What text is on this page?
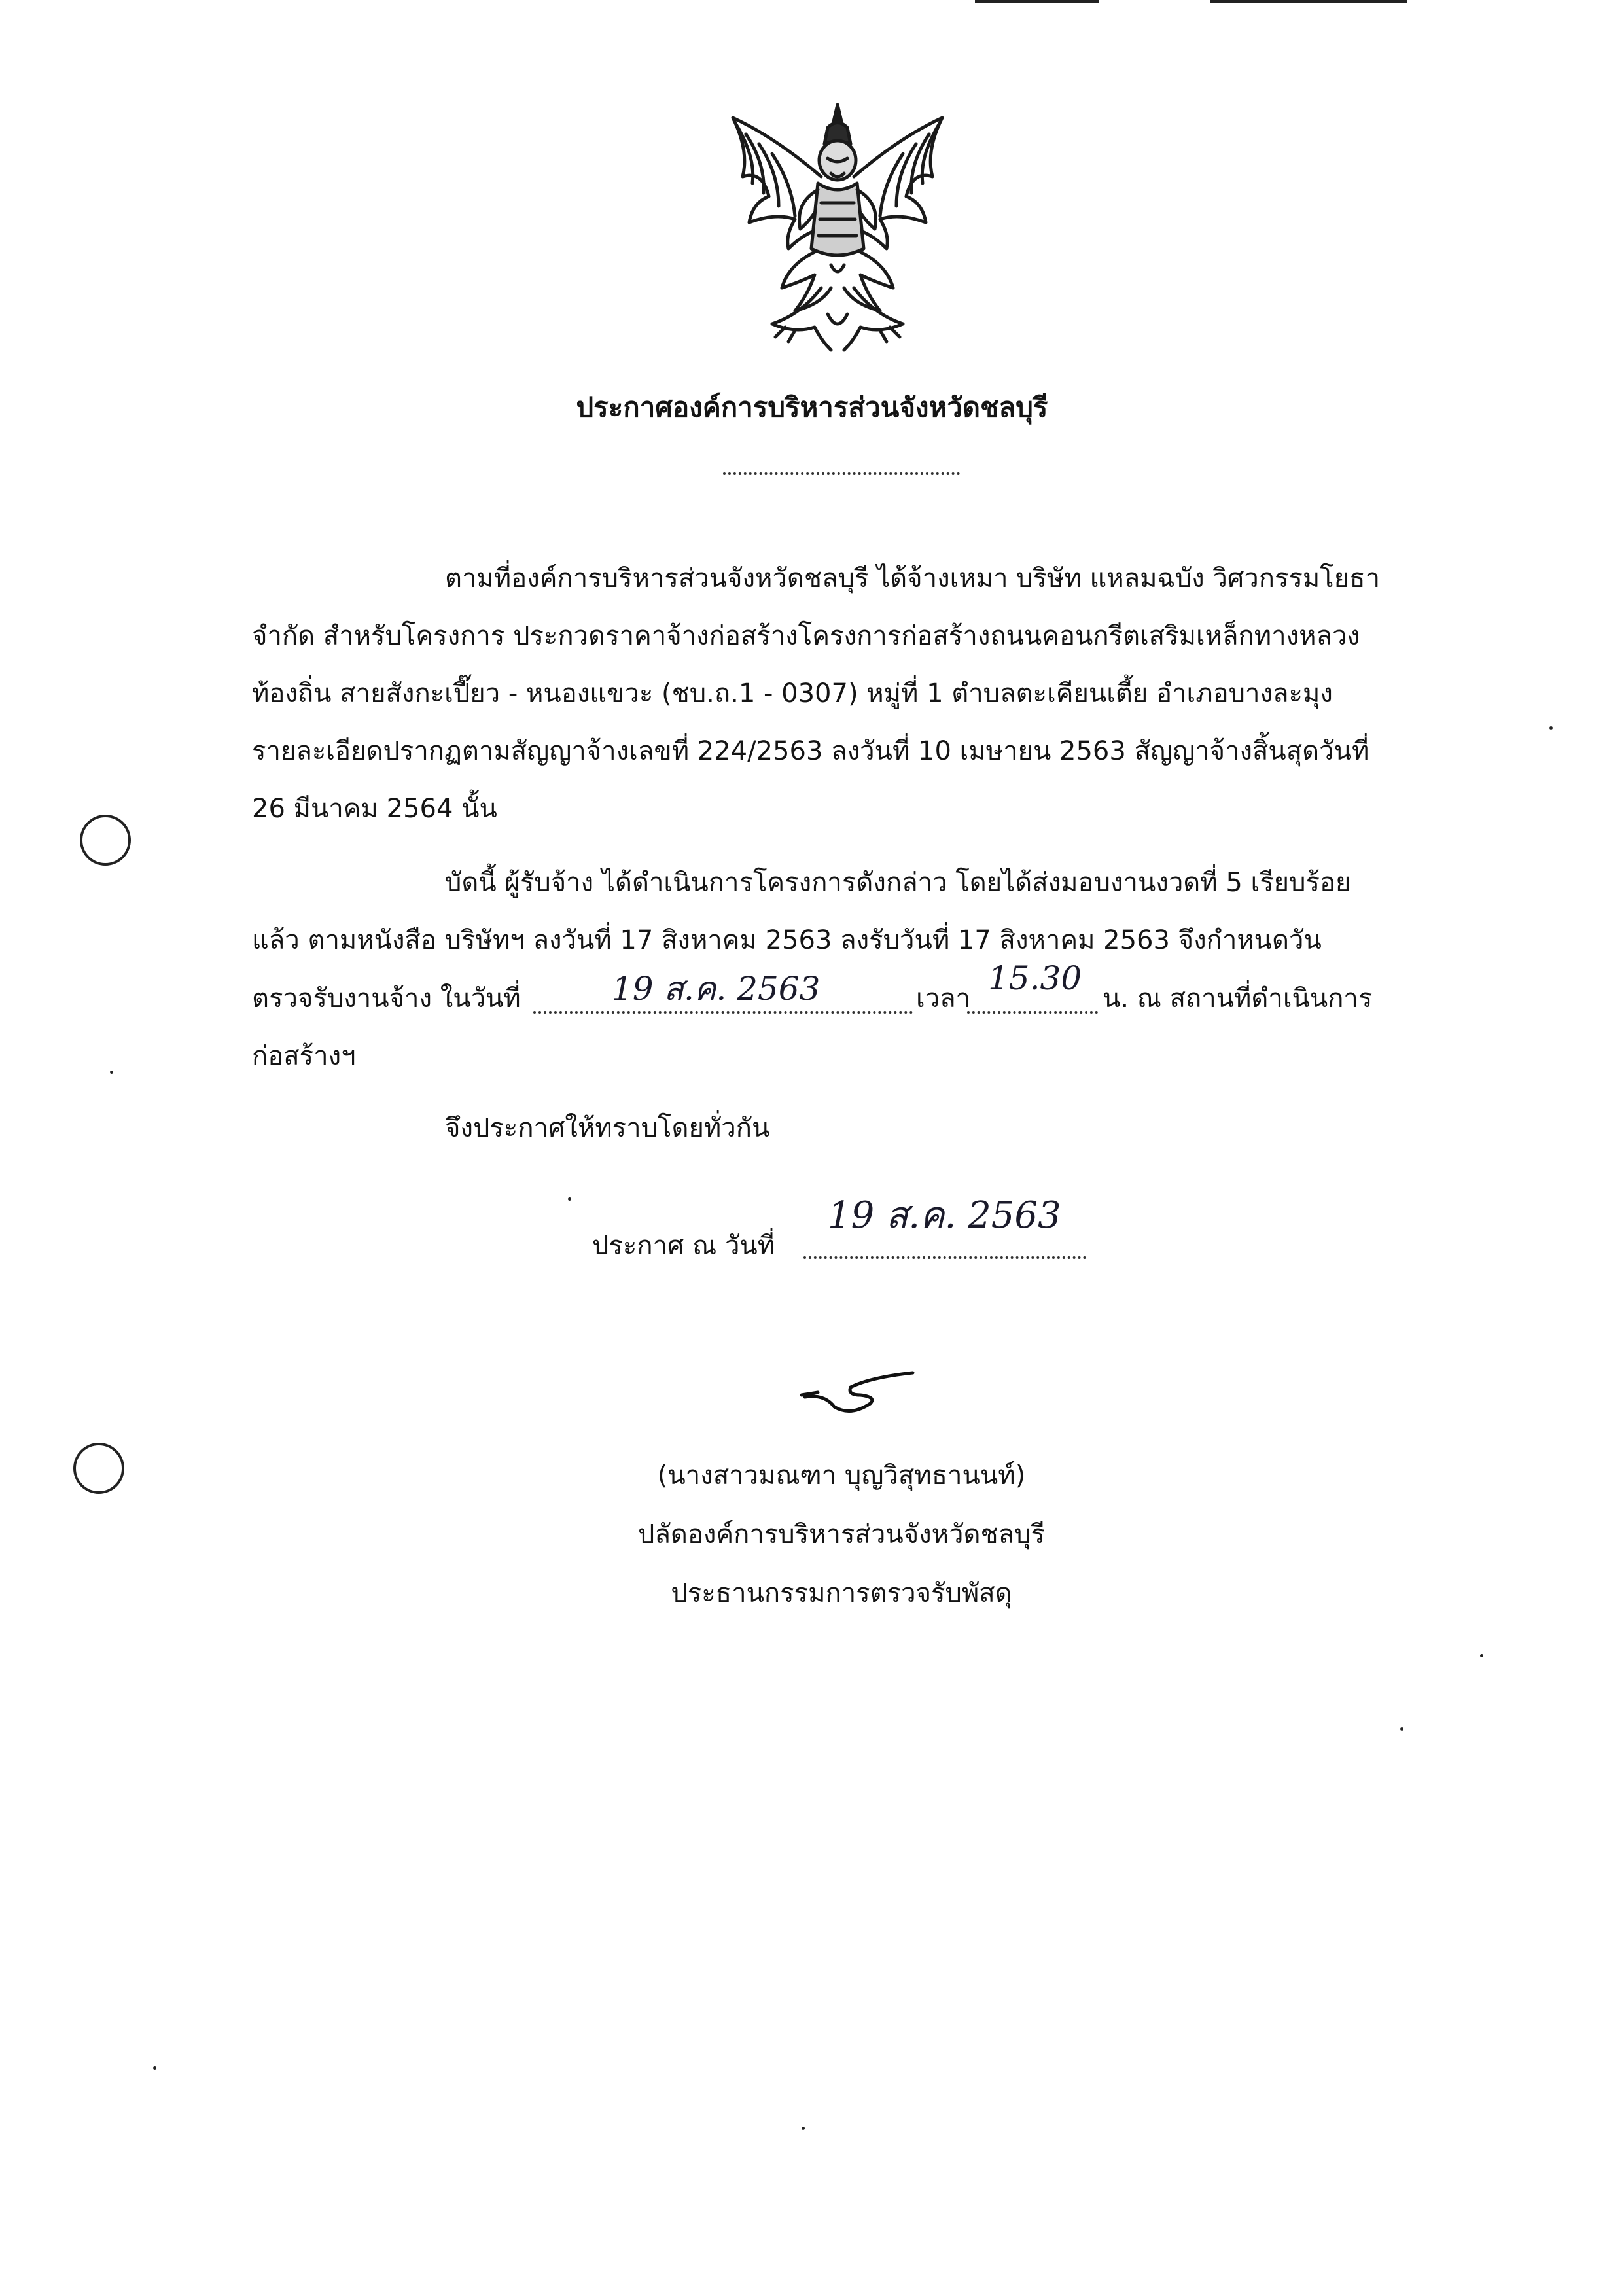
ประกาศองค์การบริหารส่วนจังหวัดชลบุรี
ตามที่องค์การบริหารส่วนจังหวัดชลบุรี ได้จ้างเหมา บริษัท แหลมฉบัง วิศวกรรมโยธา
จำกัด สำหรับโครงการ ประกวดราคาจ้างก่อสร้างโครงการก่อสร้างถนนคอนกรีตเสริมเหล็กทางหลวง
ท้องถิ่น สายสังกะเปี๊ยว - หนองแขวะ (ชบ.ถ.1 - 0307) หมู่ที่ 1 ตำบลตะเคียนเตี้ย อำเภอบางละมุง
รายละเอียดปรากฏตามสัญญาจ้างเลขที่ 224/2563 ลงวันที่ 10 เมษายน 2563 สัญญาจ้างสิ้นสุดวันที่
26 มีนาคม 2564 นั้น
บัดนี้ ผู้รับจ้าง ได้ดำเนินการโครงการดังกล่าว โดยได้ส่งมอบงานงวดที่ 5 เรียบร้อย
แล้ว ตามหนังสือ บริษัทฯ ลงวันที่ 17 สิงหาคม 2563 ลงรับวันที่ 17 สิงหาคม 2563 จึงกำหนดวัน
ตรวจรับงานจ้าง ในวันที่	19 ส.ค. 2563	เวลา
15.30
น. ณ สถานที่ดำเนินการ
ก่อสร้างฯ
จึงประกาศให้ทราบโดยทั่วกัน
ประกาศ ณ วันที่
19 ส.ค. 2563
(นางสาวมณฑา บุญวิสุทธานนท์)
ปลัดองค์การบริหารส่วนจังหวัดชลบุรี
ประธานกรรมการตรวจรับพัสดุ
